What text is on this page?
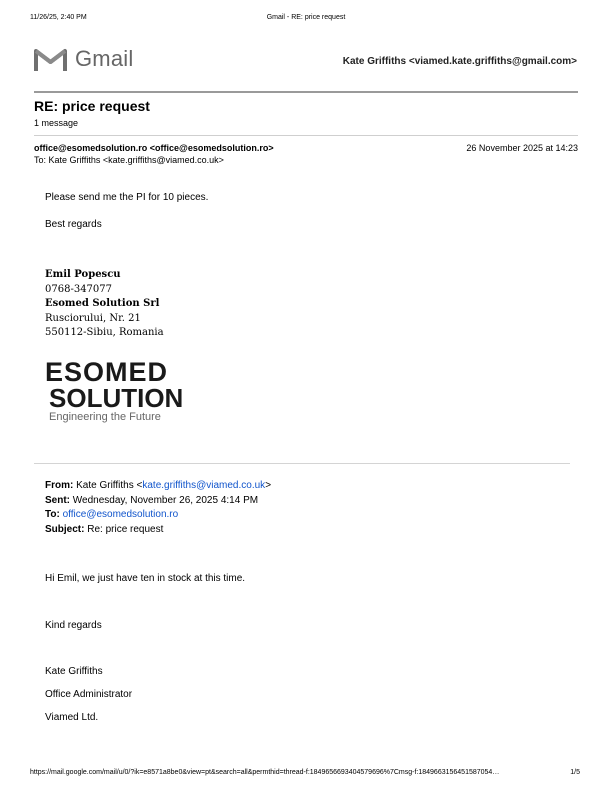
11/26/25, 2:40 PM	Gmail - RE: price request
Gmail	Kate Griffiths <viamed.kate.griffiths@gmail.com>
RE: price request
1 message
office@esomedsolution.ro <office@esomedsolution.ro>	26 November 2025 at 14:23
To: Kate Griffiths <kate.griffiths@viamed.co.uk>
Please send me the PI for 10 pieces.
Best regards
Emil Popescu
0768-347077
Esomed Solution Srl
Rusciorului, Nr. 21
550112-Sibiu, Romania
ESOMED
SOLUTION
Engineering the Future
From: Kate Griffiths <kate.griffiths@viamed.co.uk>
Sent: Wednesday, November 26, 2025 4:14 PM
To: office@esomedsolution.ro
Subject: Re: price request
Hi Emil, we just have ten in stock at this time.
Kind regards
Kate Griffiths
Office Administrator
Viamed Ltd.
https://mail.google.com/mail/u/0/?ik=e8571a8be0&view=pt&search=all&permthid=thread-f:1849656693404579696%7Cmsg-f:1849663156451587054…	1/5
